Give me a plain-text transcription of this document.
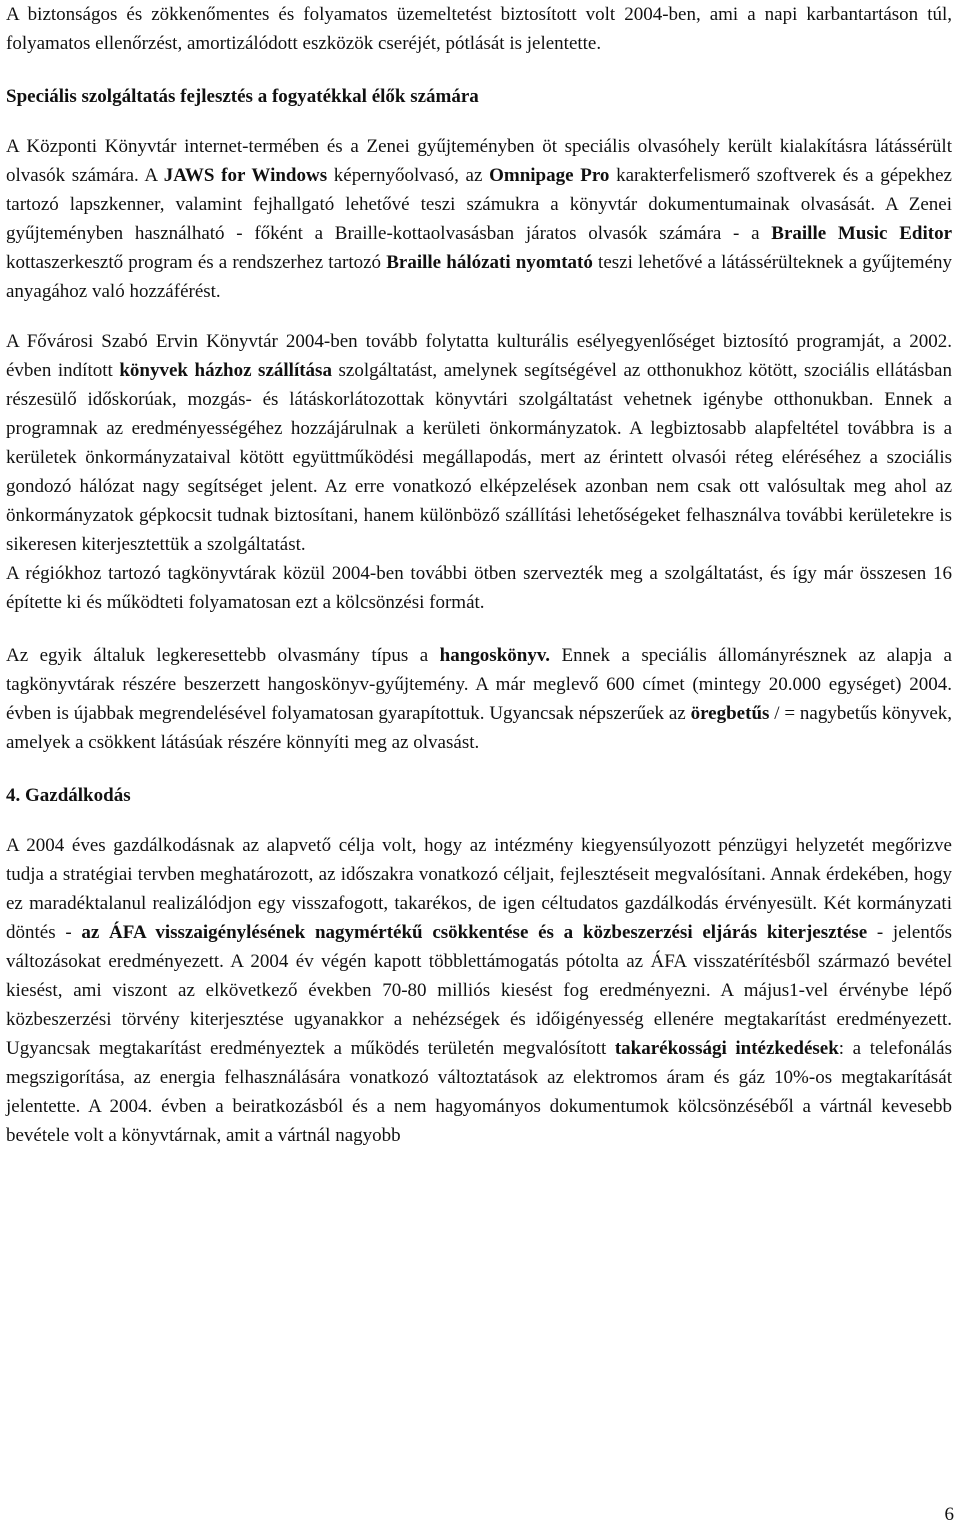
A biztonságos és zökkenőmentes és folyamatos üzemeltetést biztosított volt 2004-ben, ami a napi karbantartáson túl, folyamatos ellenőrzést, amortizálódott eszközök cseréjét, pótlását is jelentette.

Speciális szolgáltatás fejlesztés a fogyatékkal élők számára

A Központi Könyvtár internet-termében és a Zenei gyűjteményben öt speciális olvasóhely került kialakításra látássérült olvasók számára. A JAWS for Windows képernyőolvasó, az Omnipage Pro karakterfelismerő szoftverek és a gépekhez tartozó lapszkenner, valamint fejhallgató lehetővé teszi számukra a könyvtár dokumentumainak olvasását. A Zenei gyűjteményben használható - főként a Braille-kottaolvasásban járatos olvasók számára - a Braille Music Editor kottaszerkesztő program és a rendszerhez tartozó Braille hálózati nyomtató teszi lehetővé a látássérülteknek a gyűjtemény anyagához való hozzáférést.

A Fővárosi Szabó Ervin Könyvtár 2004-ben tovább folytatta kulturális esélyegyenlőséget biztosító programját, a 2002. évben indított könyvek házhoz szállítása szolgáltatást, amelynek segítségével az otthonukhoz kötött, szociális ellátásban részesülő időskorúak, mozgás- és látáskorlátozottak könyvtári szolgáltatást vehetnek igénybe otthonukban. Ennek a programnak az eredményességéhez hozzájárulnak a kerületi önkormányzatok. A legbiztosabb alapfeltétel továbbra is a kerületek önkormányzataival kötött együttműködési megállapodás, mert az érintett olvasói réteg eléréséhez a szociális gondozó hálózat nagy segítséget jelent. Az erre vonatkozó elképzelések azonban nem csak ott valósultak meg ahol az önkormányzatok gépkocsit tudnak biztosítani, hanem különböző szállítási lehetőségeket felhasználva további kerületekre is sikeresen kiterjesztettük a szolgáltatást.

A régiókhoz tartozó tagkönyvtárak közül 2004-ben további ötben szervezték meg a szolgáltatást, és így már összesen 16 építette ki és működteti folyamatosan ezt a kölcsönzési formát.

Az egyik általuk legkeresettebb olvasmány típus a hangoskönyv. Ennek a speciális állományrésznek az alapja a tagkönyvtárak részére beszerzett hangoskönyv-gyűjtemény. A már meglevő 600 címet (mintegy 20.000 egységet) 2004. évben is újabbak megrendelésével folyamatosan gyarapítottuk. Ugyancsak népszerűek az öregbetűs / = nagybetűs könyvek, amelyek a csökkent látásúak részére könnyíti meg az olvasást.

4. Gazdálkodás

A 2004 éves gazdálkodásnak az alapvető célja volt, hogy az intézmény kiegyensúlyozott pénzügyi helyzetét megőrizve tudja a stratégiai tervben meghatározott, az időszakra vonatkozó céljait, fejlesztéseit megvalósítani. Annak érdekében, hogy ez maradéktalanul realizálódjon egy visszafogott, takarékos, de igen céltudatos gazdálkodás érvényesült. Két kormányzati döntés - az ÁFA visszaigénylésének nagymértékű csökkentése és a közbeszerzési eljárás kiterjesztése - jelentős változásokat eredményezett. A 2004 év végén kapott többlettámogatás pótolta az ÁFA visszatérítésből származó bevétel kiesést, ami viszont az elkövetkező években 70-80 milliós kiesést fog eredményezni. A május1-vel érvénybe lépő közbeszerzési törvény kiterjesztése ugyanakkor a nehézségek és időigényesség ellenére megtakarítást eredményezett. Ugyancsak megtakarítást eredményeztek a működés területén megvalósított takarékossági intézkedések: a telefonálás megszigorítása, az energia felhasználására vonatkozó változtatások az elektromos áram és gáz 10%-os megtakarítását jelentette. A 2004. évben a beiratkozásból és a nem hagyományos dokumentumok kölcsönzéséből a vártnál kevesebb bevétele volt a könyvtárnak, amit a vártnál nagyobb

6
